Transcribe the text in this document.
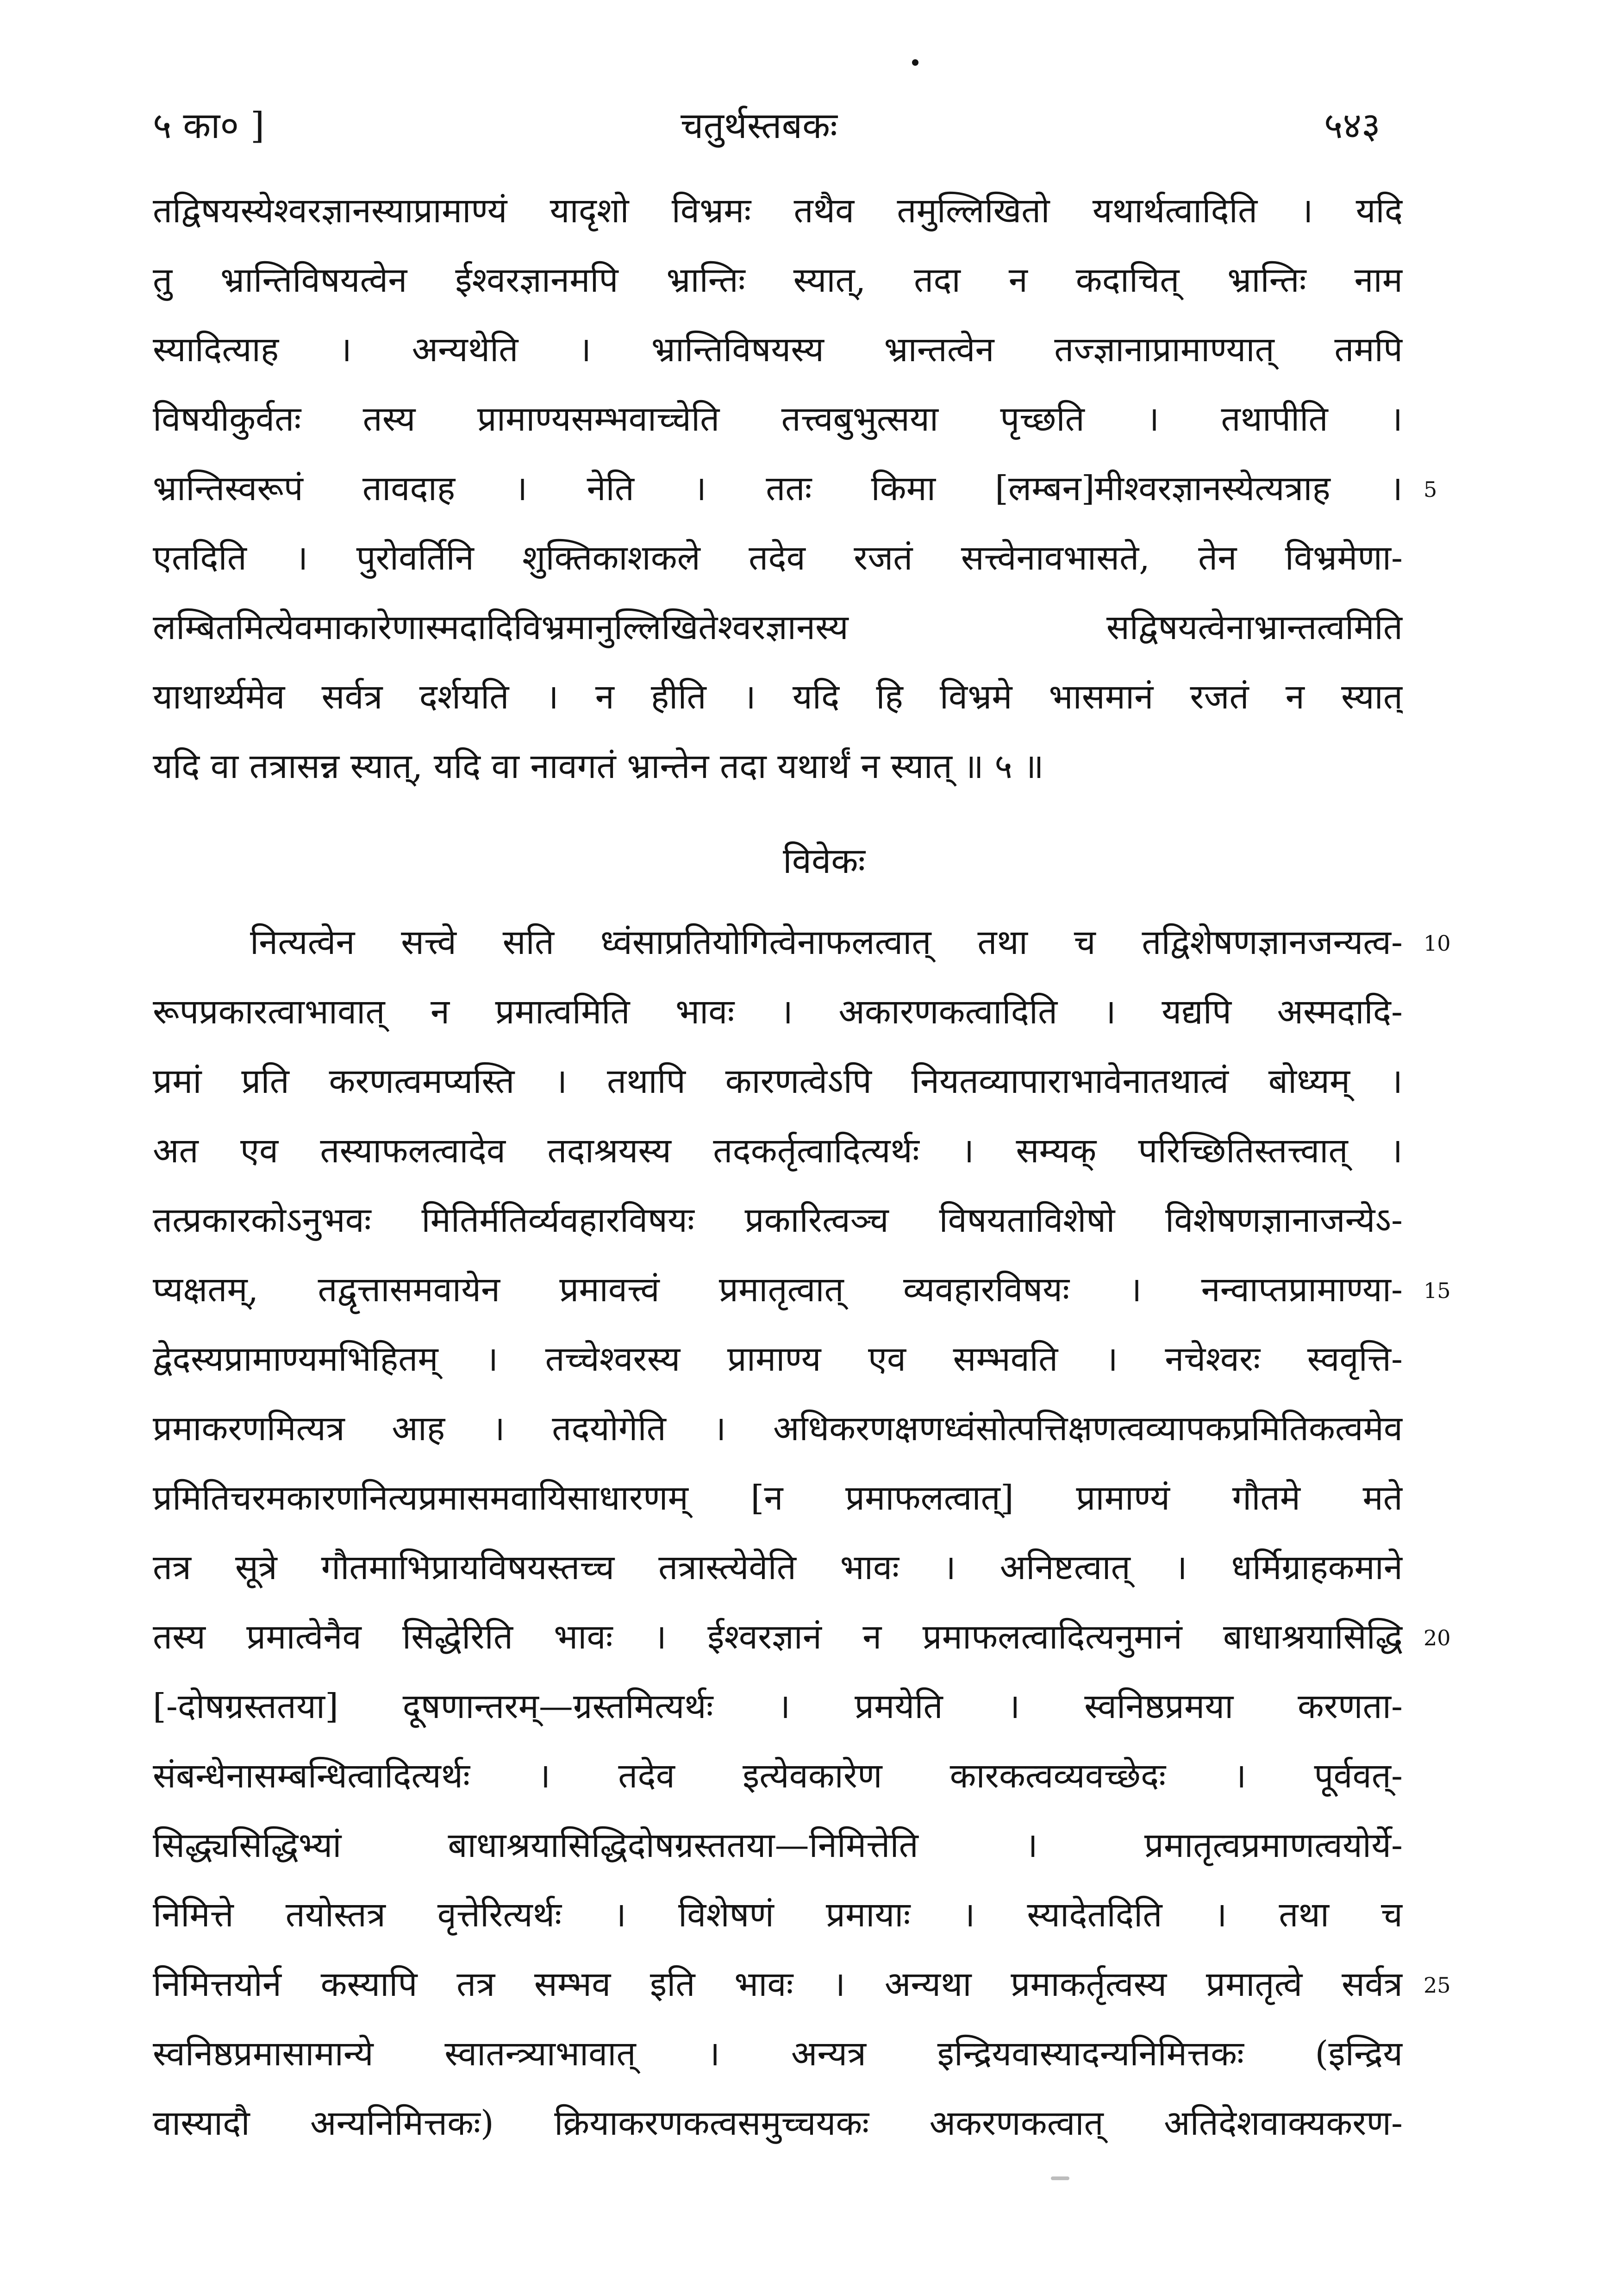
५ का० ]	चतुर्थस्तबकः	५४३
तद्विषयस्येश्वरज्ञानस्याप्रामाण्यं यादृशो विभ्रमः तथैव तमुल्लिखितो यथार्थत्वादिति । यदि
तु भ्रान्तिविषयत्वेन ईश्वरज्ञानमपि भ्रान्तिः स्यात्, तदा न कदाचित् भ्रान्तिः नाम
स्यादित्याह । अन्यथेति । भ्रान्तिविषयस्य भ्रान्तत्वेन तज्ज्ञानाप्रामाण्यात् तमपि
विषयीकुर्वतः तस्य प्रामाण्यसम्भवाच्चेति तत्त्वबुभुत्सया पृच्छति । तथापीति ।
भ्रान्तिस्वरूपं तावदाह । नेति । ततः किमा [लम्बन]मीश्वरज्ञानस्येत्यत्राह । 5
एतदिति । पुरोवर्तिनि शुक्तिकाशकले तदेव रजतं सत्त्वेनावभासते, तेन विभ्रमेणा-
लम्बितमित्येवमाकारेणास्मदादिविभ्रमानुल्लिखितेश्वरज्ञानस्य सद्विषयत्वेनाभ्रान्तत्वमिति
याथार्थ्यमेव सर्वत्र दर्शयति । न हीति । यदि हि विभ्रमे भासमानं रजतं न स्यात्
यदि वा तत्रासन्न स्यात्, यदि वा नावगतं भ्रान्तेन तदा यथार्थं न स्यात् ॥ ५ ॥
विवेकः
नित्यत्वेन सत्त्वे सति ध्वंसाप्रतियोगित्वेनाफलत्वात् तथा च तद्विशेषणज्ञानजन्यत्व- 10
रूपप्रकारत्वाभावात् न प्रमात्वमिति भावः । अकारणकत्वादिति । यद्यपि अस्मदादि-
प्रमां प्रति करणत्वमप्यस्ति । तथापि कारणत्वेऽपि नियतव्यापाराभावेनातथात्वं बोध्यम् ।
अत एव तस्याफलत्वादेव तदाश्रयस्य तदकर्तृत्वादित्यर्थः । सम्यक् परिच्छितिस्तत्त्वात् ।
तत्प्रकारकोऽनुभवः मितिर्मतिर्व्यवहारविषयः प्रकारित्वञ्च विषयताविशेषो विशेषणज्ञानाजन्येऽ-
प्यक्षतम्, तद्वृत्तासमवायेन प्रमावत्त्वं प्रमातृत्वात् व्यवहारविषयः । नन्वाप्तप्रामाण्या- 15
द्वेदस्यप्रामाण्यमभिहितम् । तच्चेश्वरस्य प्रामाण्य एव सम्भवति । नचेश्वरः स्ववृत्ति-
प्रमाकरणमित्यत्र आह । तदयोगेति । अधिकरणक्षणध्वंसोत्पत्तिक्षणत्वव्यापकप्रमितिकत्वमेव
प्रमितिचरमकारणनित्यप्रमासमवायिसाधारणम् [न प्रमाफलत्वात्] प्रामाण्यं गौतमे मते
तत्र सूत्रे गौतमाभिप्रायविषयस्तच्च तत्रास्त्येवेति भावः । अनिष्टत्वात् । धर्मिग्राहकमाने
तस्य प्रमात्वेनैव सिद्धेरिति भावः । ईश्वरज्ञानं न प्रमाफलत्वादित्यनुमानं बाधाश्रयासिद्धि 20
[-दोषग्रस्ततया] दूषणान्तरम्—ग्रस्तमित्यर्थः । प्रमयेति । स्वनिष्ठप्रमया करणता-
संबन्धेनासम्बन्धित्वादित्यर्थः । तदेव इत्येवकारेण कारकत्वव्यवच्छेदः । पूर्ववत्-
सिद्ध्यसिद्धिभ्यां बाधाश्रयासिद्धिदोषग्रस्ततया—निमित्तेति । प्रमातृत्वप्रमाणत्वयोर्ये-
निमित्ते तयोस्तत्र वृत्तेरित्यर्थः । विशेषणं प्रमायाः । स्यादेतदिति । तथा च
निमित्तयोर्न कस्यापि तत्र सम्भव इति भावः । अन्यथा प्रमाकर्तृत्वस्य प्रमातृत्वे सर्वत्र 25
स्वनिष्ठप्रमासामान्ये स्वातन्त्र्याभावात् । अन्यत्र इन्द्रियवास्यादन्यनिमित्तकः (इन्द्रिय
वास्यादौ अन्यनिमित्तकः) क्रियाकरणकत्वसमुच्चयकः अकरणकत्वात् अतिदेशवाक्यकरण-
